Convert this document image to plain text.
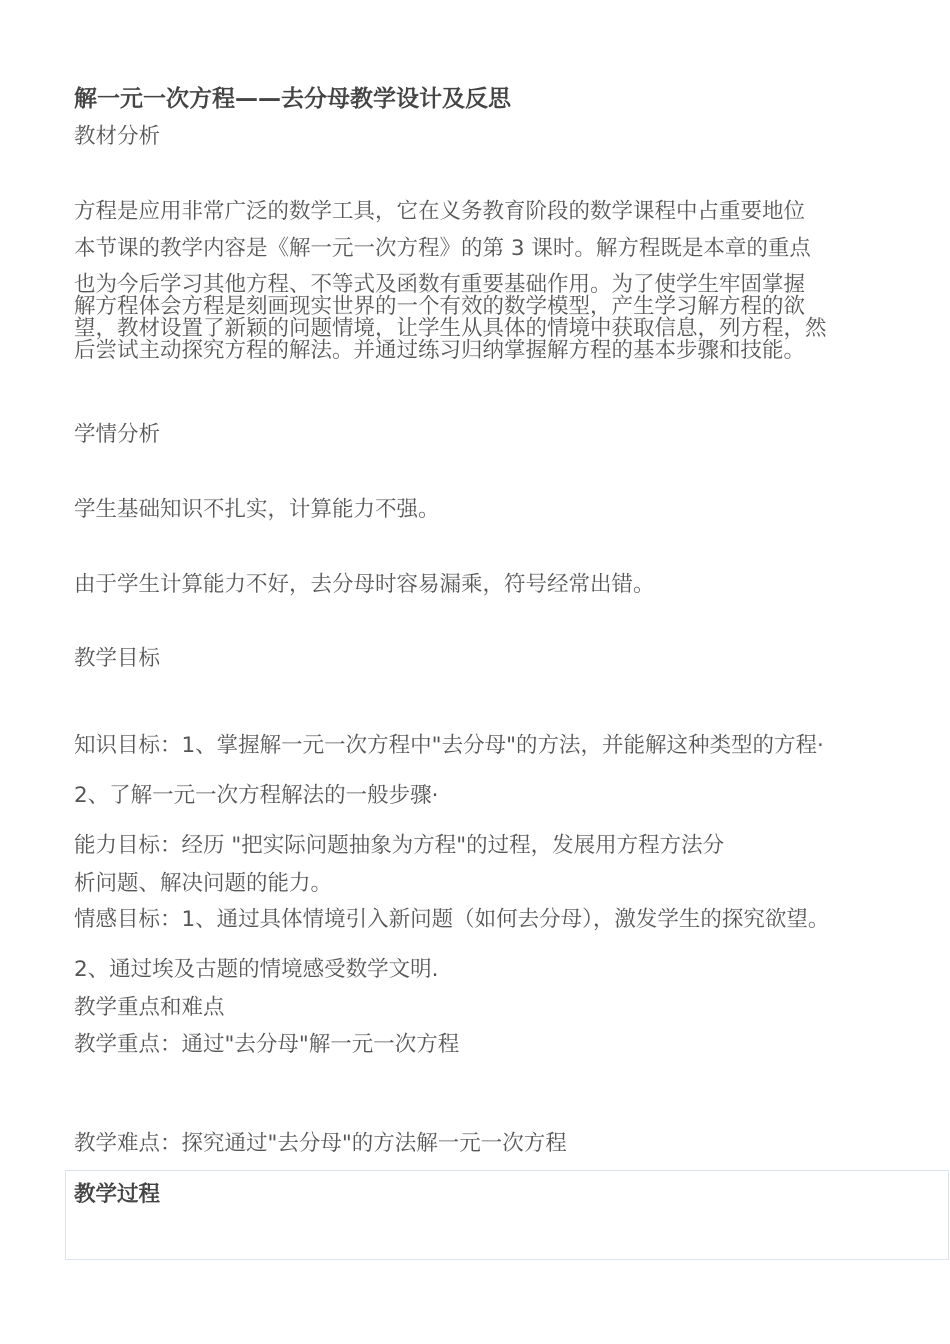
解一元一次方程——去分母教学设计及反思
教材分析
方程是应用非常广泛的数学工具，它在义务教育阶段的数学课程中占重要地位
本节课的教学内容是《解一元一次方程》的第 3 课时。解方程既是本章的重点
也为今后学习其他方程、不等式及函数有重要基础作用。为了使学生牢固掌握
解方程体会方程是刻画现实世界的一个有效的数学模型，产生学习解方程的欲
望，教材设置了新颖的问题情境，让学生从具体的情境中获取信息，列方程，然
后尝试主动探究方程的解法。并通过练习归纳掌握解方程的基本步骤和技能。
学情分析
学生基础知识不扎实，计算能力不强。
由于学生计算能力不好，去分母时容易漏乘，符号经常出错。
教学目标
知识目标：1、掌握解一元一次方程中"去分母"的方法，并能解这种类型的方程·
2、了解一元一次方程解法的一般步骤·
能力目标：经历 "把实际问题抽象为方程"的过程，发展用方程方法分
析问题、解决问题的能力。
情感目标：1、通过具体情境引入新问题（如何去分母），激发学生的探究欲望。
2、通过埃及古题的情境感受数学文明.
教学重点和难点
教学重点：通过"去分母"解一元一次方程
教学难点：探究通过"去分母"的方法解一元一次方程
教学过程
